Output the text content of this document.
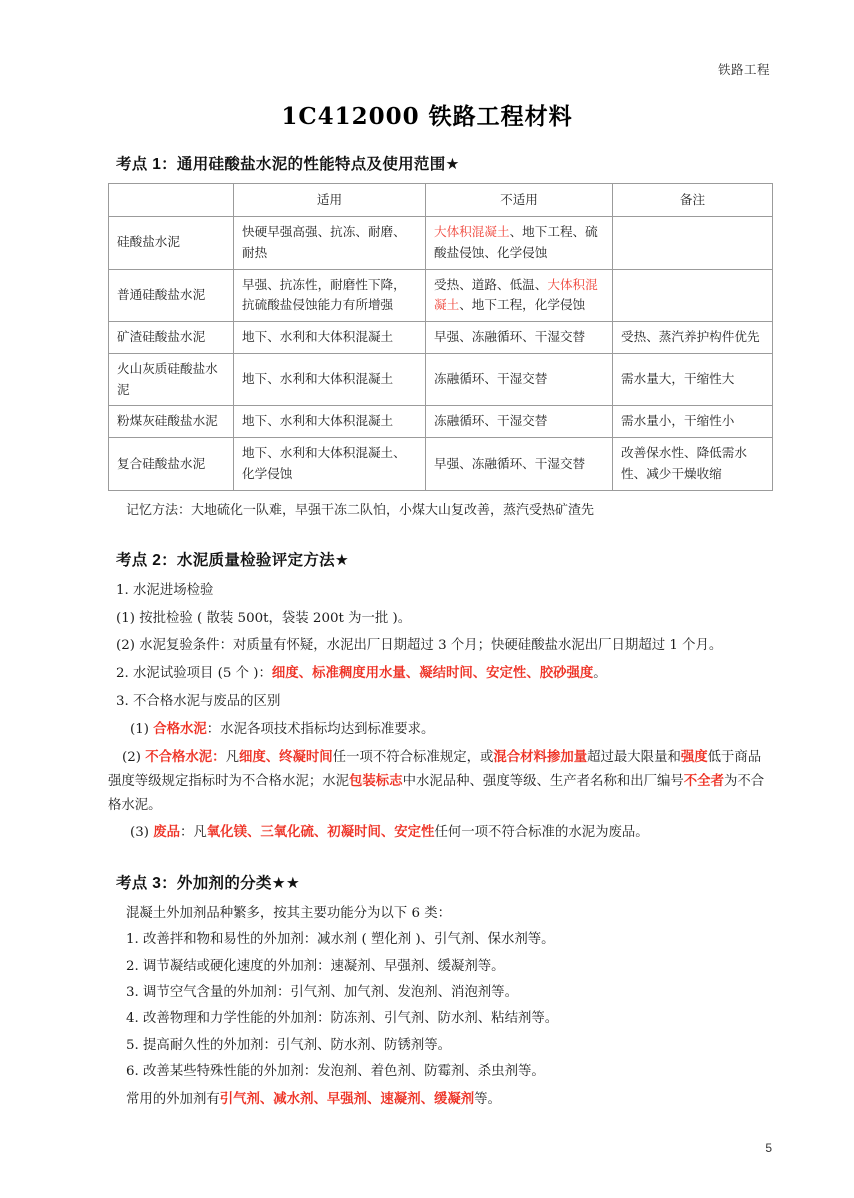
铁路工程
1C412000 铁路工程材料
考点 1：通用硅酸盐水泥的性能特点及使用范围★
	适用	不适用	备注
硅酸盐水泥	快硬早强高强、抗冻、耐磨、耐热	大体积混凝土、地下工程、硫酸盐侵蚀、化学侵蚀	
普通硅酸盐水泥	早强、抗冻性，耐磨性下降，抗硫酸盐侵蚀能力有所增强	受热、道路、低温、大体积混凝土、地下工程，化学侵蚀	
矿渣硅酸盐水泥	地下、水利和大体积混凝土	早强、冻融循环、干湿交替	受热、蒸汽养护构件优先
火山灰质硅酸盐水泥	地下、水利和大体积混凝土	冻融循环、干湿交替	需水量大，干缩性大
粉煤灰硅酸盐水泥	地下、水利和大体积混凝土	冻融循环、干湿交替	需水量小，干缩性小
复合硅酸盐水泥	地下、水利和大体积混凝土、化学侵蚀	早强、冻融循环、干湿交替	改善保水性、降低需水性、减少干燥收缩
记忆方法：大地硫化一队难，早强干冻二队怕，小煤大山复改善，蒸汽受热矿渣先
考点 2：水泥质量检验评定方法★

1. 水泥进场检验

(1) 按批检验 ( 散装 500t，袋装 200t 为一批 )。

(2) 水泥复验条件：对质量有怀疑，水泥出厂日期超过 3 个月；快硬硅酸盐水泥出厂日期超过 1 个月。

2. 水泥试验项目 (5 个 )：细度、标准稠度用水量、凝结时间、安定性、胶砂强度。

3. 不合格水泥与废品的区别

(1) 合格水泥：水泥各项技术指标均达到标准要求。

(2) 不合格水泥：凡细度、终凝时间任一项不符合标准规定，或混合材料掺加量超过最大限量和强度低于商品强度等级规定指标时为不合格水泥；水泥包装标志中水泥品种、强度等级、生产者名称和出厂编号不全者为不合格水泥。

(3) 废品：凡氧化镁、三氧化硫、初凝时间、安定性任何一项不符合标准的水泥为废品。

考点 3：外加剂的分类★★
混凝土外加剂品种繁多，按其主要功能分为以下 6 类：
1. 改善拌和物和易性的外加剂：减水剂 ( 塑化剂 )、引气剂、保水剂等。
2. 调节凝结或硬化速度的外加剂：速凝剂、早强剂、缓凝剂等。
3. 调节空气含量的外加剂：引气剂、加气剂、发泡剂、消泡剂等。
4. 改善物理和力学性能的外加剂：防冻剂、引气剂、防水剂、粘结剂等。
5. 提高耐久性的外加剂：引气剂、防水剂、防锈剂等。
6. 改善某些特殊性能的外加剂：发泡剂、着色剂、防霉剂、杀虫剂等。
常用的外加剂有引气剂、减水剂、早强剂、速凝剂、缓凝剂等。
5
